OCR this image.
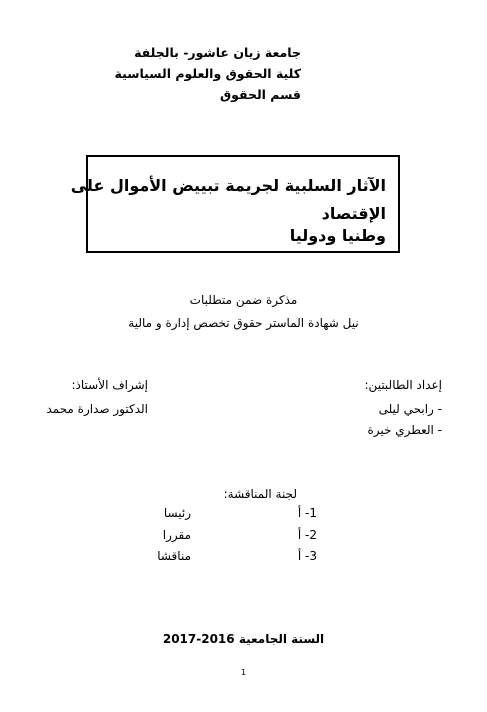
جامعة زيان عاشور- بالجلفة
كلية الحقوق والعلوم السياسية
قسم الحقوق
الآثار السلبية لجريمة تبييض الأموال على
الإقتصاد
وطنيا ودوليا
مذكرة ضمن متطلبات
نيل شهادة الماستر حقوق تخصص إدارة و مالية
إعداد الطالبتين:
- رابحي ليلى
- العطري خيرة
إشراف الأستاذ:
الدكتور صدارة محمد
لجنة المناقشة:
1- أ
رئيسا
2- أ
مقررا
3- أ
مناقشا
السنة الجامعية 2016-2017
1
